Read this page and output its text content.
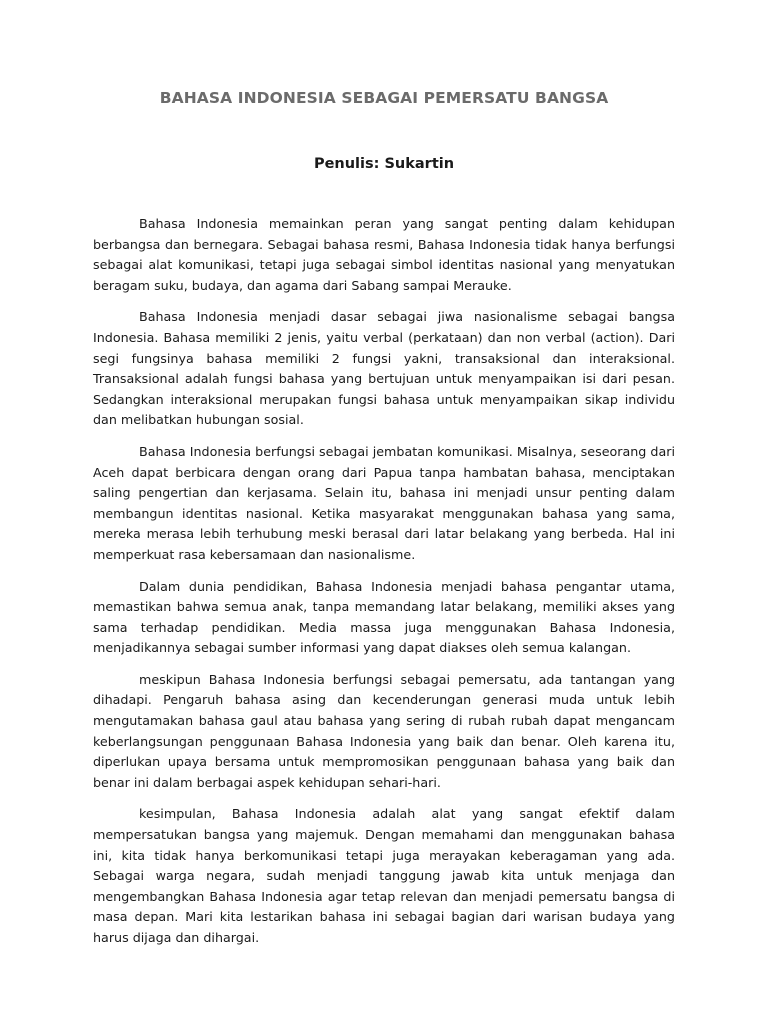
BAHASA INDONESIA SEBAGAI PEMERSATU BANGSA
Penulis: Sukartin

Bahasa Indonesia memainkan peran yang sangat penting dalam kehidupan berbangsa dan bernegara. Sebagai bahasa resmi, Bahasa Indonesia tidak hanya berfungsi sebagai alat komunikasi, tetapi juga sebagai simbol identitas nasional yang menyatukan beragam suku, budaya, dan agama dari Sabang sampai Merauke.

Bahasa Indonesia menjadi dasar sebagai jiwa nasionalisme sebagai bangsa Indonesia. Bahasa memiliki 2 jenis, yaitu verbal (perkataan) dan non verbal (action). Dari segi fungsinya bahasa memiliki 2 fungsi yakni, transaksional dan interaksional. Transaksional adalah fungsi bahasa yang bertujuan untuk menyampaikan isi dari pesan. Sedangkan interaksional merupakan fungsi bahasa untuk menyampaikan sikap individu dan melibatkan hubungan sosial.

Bahasa Indonesia berfungsi sebagai jembatan komunikasi. Misalnya, seseorang dari Aceh dapat berbicara dengan orang dari Papua tanpa hambatan bahasa, menciptakan saling pengertian dan kerjasama. Selain itu, bahasa ini menjadi unsur penting dalam membangun identitas nasional. Ketika masyarakat menggunakan bahasa yang sama, mereka merasa lebih terhubung meski berasal dari latar belakang yang berbeda. Hal ini memperkuat rasa kebersamaan dan nasionalisme.

Dalam dunia pendidikan, Bahasa Indonesia menjadi bahasa pengantar utama, memastikan bahwa semua anak, tanpa memandang latar belakang, memiliki akses yang sama terhadap pendidikan. Media massa juga menggunakan Bahasa Indonesia, menjadikannya sebagai sumber informasi yang dapat diakses oleh semua kalangan.

meskipun Bahasa Indonesia berfungsi sebagai pemersatu, ada tantangan yang dihadapi. Pengaruh bahasa asing dan kecenderungan generasi muda untuk lebih mengutamakan bahasa gaul atau bahasa yang sering di rubah rubah dapat mengancam keberlangsungan penggunaan Bahasa Indonesia yang baik dan benar. Oleh karena itu, diperlukan upaya bersama untuk mempromosikan penggunaan bahasa yang baik dan benar ini dalam berbagai aspek kehidupan sehari-hari.

kesimpulan, Bahasa Indonesia adalah alat yang sangat efektif dalam mempersatukan bangsa yang majemuk. Dengan memahami dan menggunakan bahasa ini, kita tidak hanya berkomunikasi tetapi juga merayakan keberagaman yang ada. Sebagai warga negara, sudah menjadi tanggung jawab kita untuk menjaga dan mengembangkan Bahasa Indonesia agar tetap relevan dan menjadi pemersatu bangsa di masa depan. Mari kita lestarikan bahasa ini sebagai bagian dari warisan budaya yang harus dijaga dan dihargai.
